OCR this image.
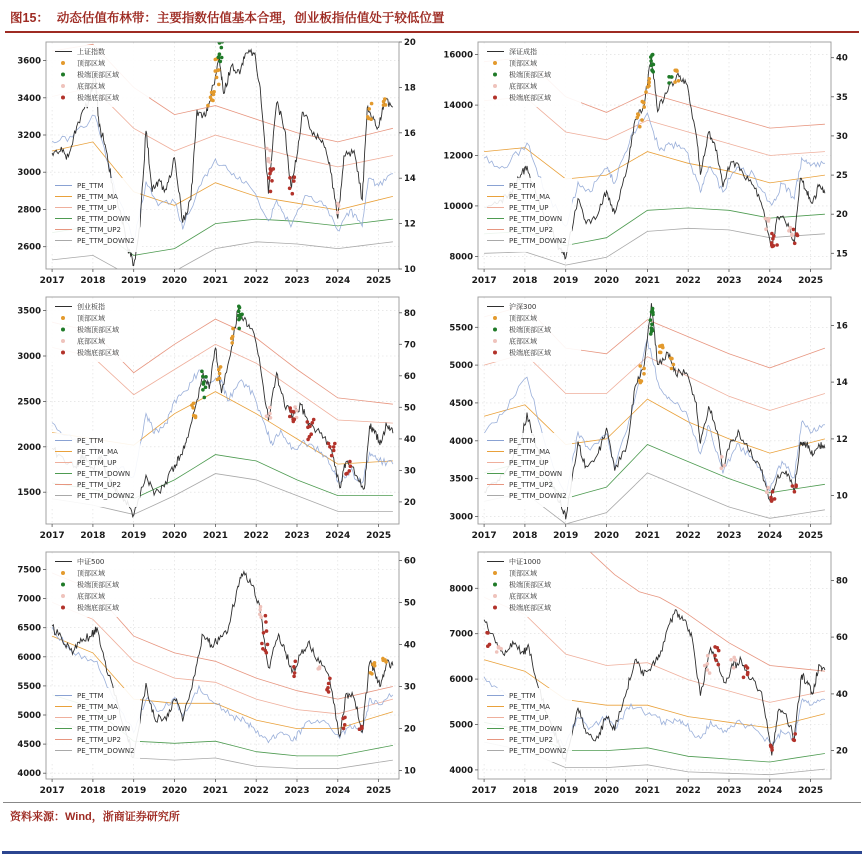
图15： 动态估值布林带：主要指数估值基本合理，创业板指估值处于较低位置
2600
2800
3000
3200
3400
3600
10
12
14
16
18
20
2017 2018 2019 2020 2021 2022 2023 2024 2025
上证指数
顶部区域
极端顶部区域
底部区域
极端底部区域
PE_TTM
PE_TTM_MA
PE_TTM_UP
PE_TTM_DOWN
PE_TTM_UP2
PE_TTM_DOWN2
8000
10000
12000
14000
16000
15
20
25
30
35
40
2017 2018 2019 2020 2021 2022 2023 2024 2025
深证成指
顶部区域
极端顶部区域
底部区域
极端底部区域
PE_TTM
PE_TTM_MA
PE_TTM_UP
PE_TTM_DOWN
PE_TTM_UP2
PE_TTM_DOWN2
1500
2000
2500
3000
3500
20
30
40
50
60
70
80
2017 2018 2019 2020 2021 2022 2023 2024 2025
创业板指
顶部区域
极端顶部区域
底部区域
极端底部区域
PE_TTM
PE_TTM_MA
PE_TTM_UP
PE_TTM_DOWN
PE_TTM_UP2
PE_TTM_DOWN2
3000
3500
4000
4500
5000
5500
10
12
14
16
2017 2018 2019 2020 2021 2022 2023 2024 2025
沪深300
顶部区域
极端顶部区域
底部区域
极端底部区域
PE_TTM
PE_TTM_MA
PE_TTM_UP
PE_TTM_DOWN
PE_TTM_UP2
PE_TTM_DOWN2
4000
4500
5000
5500
6000
6500
7000
7500
10
20
30
40
50
60
2017 2018 2019 2020 2021 2022 2023 2024 2025
中证500
顶部区域
极端顶部区域
底部区域
极端底部区域
PE_TTM
PE_TTM_MA
PE_TTM_UP
PE_TTM_DOWN
PE_TTM_UP2
PE_TTM_DOWN2
4000
5000
6000
7000
8000
20
40
60
80
2017 2018 2019 2020 2021 2022 2023 2024 2025
中证1000
顶部区域
极端顶部区域
底部区域
极端底部区域
PE_TTM
PE_TTM_MA
PE_TTM_UP
PE_TTM_DOWN
PE_TTM_UP2
PE_TTM_DOWN2
资料来源：Wind，浙商证券研究所
